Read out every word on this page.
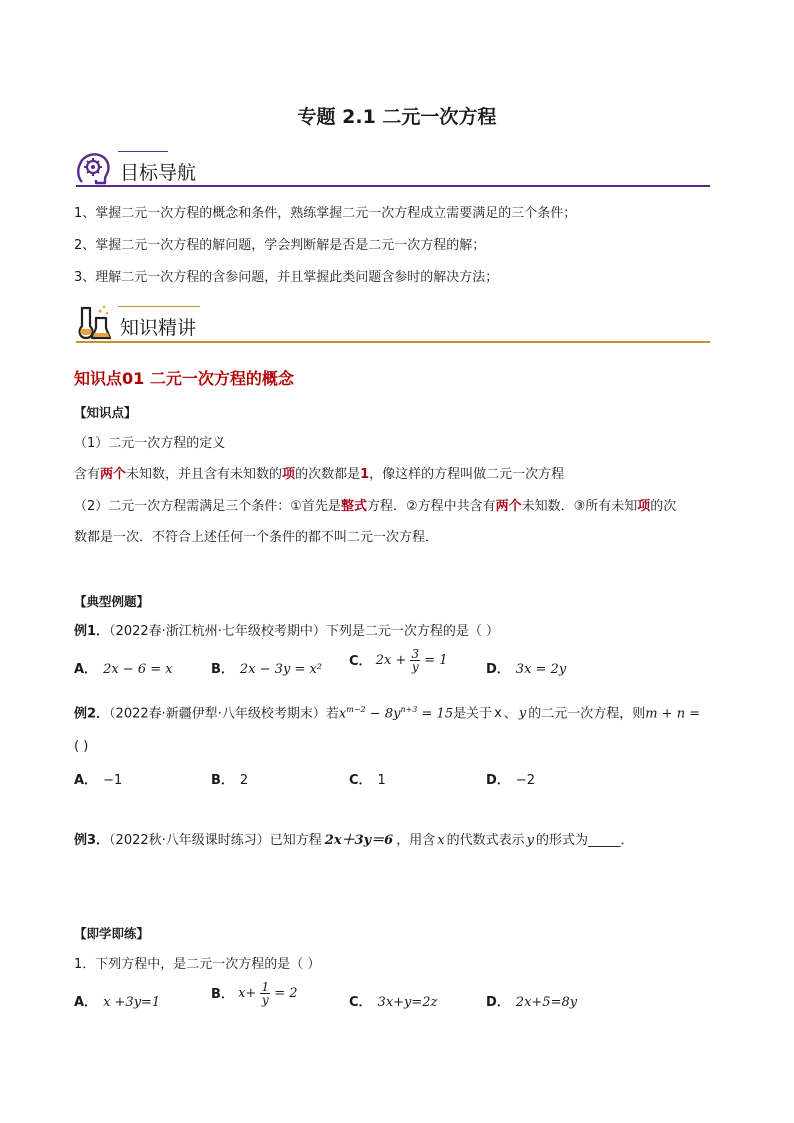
专题 2.1 二元一次方程
目标导航
1、掌握二元一次方程的概念和条件，熟练掌握二元一次方程成立需要满足的三个条件；
2、掌握二元一次方程的解问题，学会判断解是否是二元一次方程的解；
3、理解二元一次方程的含参问题，并且掌握此类问题含参时的解决方法；
知识精讲
知识点01 二元一次方程的概念
【知识点】
（1）二元一次方程的定义
含有两个未知数，并且含有未知数的项的次数都是1，像这样的方程叫做二元一次方程
（2）二元一次方程需满足三个条件：①首先是整式方程．②方程中共含有两个未知数．③所有未知项的次
数都是一次．不符合上述任何一个条件的都不叫二元一次方程．
【典型例题】
例1．（2022春·浙江杭州·七年级校考期中）下列是二元一次方程的是（ ）
A． 2x − 6 = x	B． 2x − 3y = x²
C． $2x + \frac{3}{y} = 1$
D． 3x = 2y
例2．（2022春·新疆伊犁·八年级校考期末）若$x^{m-2} - 8y^{n+3} = 15$是关于 x 、 y 的二元一次方程，则m + n =
( )
A． −1	B． 2	C． 1	D． −2
例3．（2022秋·八年级课时练习）已知方程 2x＋3y＝6 ，用含 x 的代数式表示 y 的形式为_____．
【即学即练】
1．下列方程中，是二元一次方程的是（ ）
A． x +3y=1
B． $x+ \frac{1}{y} = 2$
C． 3x+y=2z	D． 2x+5=8y
